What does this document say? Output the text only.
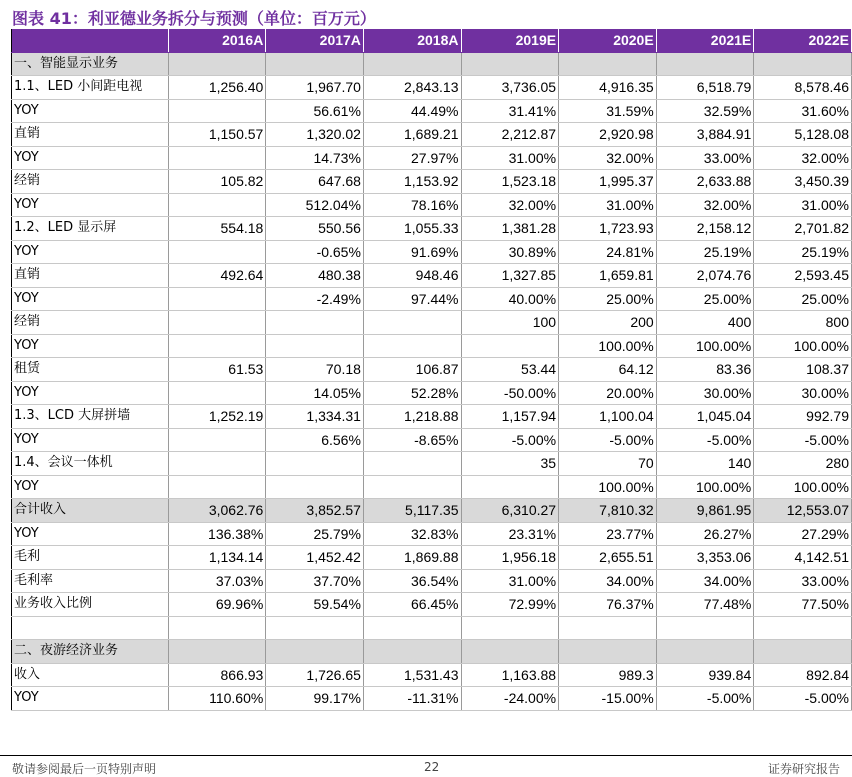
图表 41：利亚德业务拆分与预测（单位：百万元）
	2016A	2017A	2018A	2019E	2020E	2021E	2022E
一、智能显示业务							
1.1、LED 小间距电视	1,256.40	1,967.70	2,843.13	3,736.05	4,916.35	6,518.79	8,578.46
YOY		56.61%	44.49%	31.41%	31.59%	32.59%	31.60%
直销	1,150.57	1,320.02	1,689.21	2,212.87	2,920.98	3,884.91	5,128.08
YOY		14.73%	27.97%	31.00%	32.00%	33.00%	32.00%
经销	105.82	647.68	1,153.92	1,523.18	1,995.37	2,633.88	3,450.39
YOY		512.04%	78.16%	32.00%	31.00%	32.00%	31.00%
1.2、LED 显示屏	554.18	550.56	1,055.33	1,381.28	1,723.93	2,158.12	2,701.82
YOY		-0.65%	91.69%	30.89%	24.81%	25.19%	25.19%
直销	492.64	480.38	948.46	1,327.85	1,659.81	2,074.76	2,593.45
YOY		-2.49%	97.44%	40.00%	25.00%	25.00%	25.00%
经销				100	200	400	800
YOY					100.00%	100.00%	100.00%
租赁	61.53	70.18	106.87	53.44	64.12	83.36	108.37
YOY		14.05%	52.28%	-50.00%	20.00%	30.00%	30.00%
1.3、LCD 大屏拼墙	1,252.19	1,334.31	1,218.88	1,157.94	1,100.04	1,045.04	992.79
YOY		6.56%	-8.65%	-5.00%	-5.00%	-5.00%	-5.00%
1.4、会议一体机				35	70	140	280
YOY					100.00%	100.00%	100.00%
合计收入	3,062.76	3,852.57	5,117.35	6,310.27	7,810.32	9,861.95	12,553.07
YOY	136.38%	25.79%	32.83%	23.31%	23.77%	26.27%	27.29%
毛利	1,134.14	1,452.42	1,869.88	1,956.18	2,655.51	3,353.06	4,142.51
毛利率	37.03%	37.70%	36.54%	31.00%	34.00%	34.00%	33.00%
业务收入比例	69.96%	59.54%	66.45%	72.99%	76.37%	77.48%	77.50%

二、夜游经济业务							
收入	866.93	1,726.65	1,531.43	1,163.88	989.3	939.84	892.84
YOY	110.60%	99.17%	-11.31%	-24.00%	-15.00%	-5.00%	-5.00%
敬请参阅最后一页特别声明	22	证券研究报告
